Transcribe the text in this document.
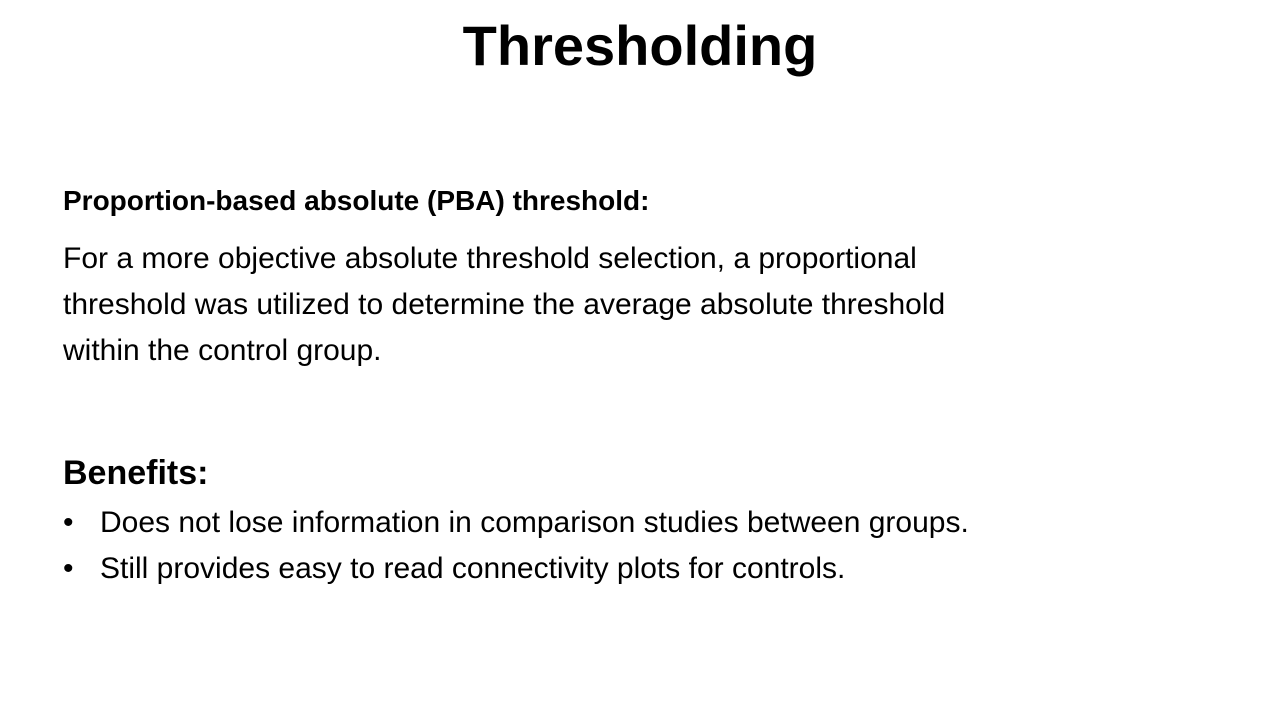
Thresholding
Proportion-based absolute (PBA) threshold:
For a more objective absolute threshold selection, a proportional
threshold was utilized to determine the average absolute threshold
within the control group.
Benefits:
• Does not lose information in comparison studies between groups.
• Still provides easy to read connectivity plots for controls.
